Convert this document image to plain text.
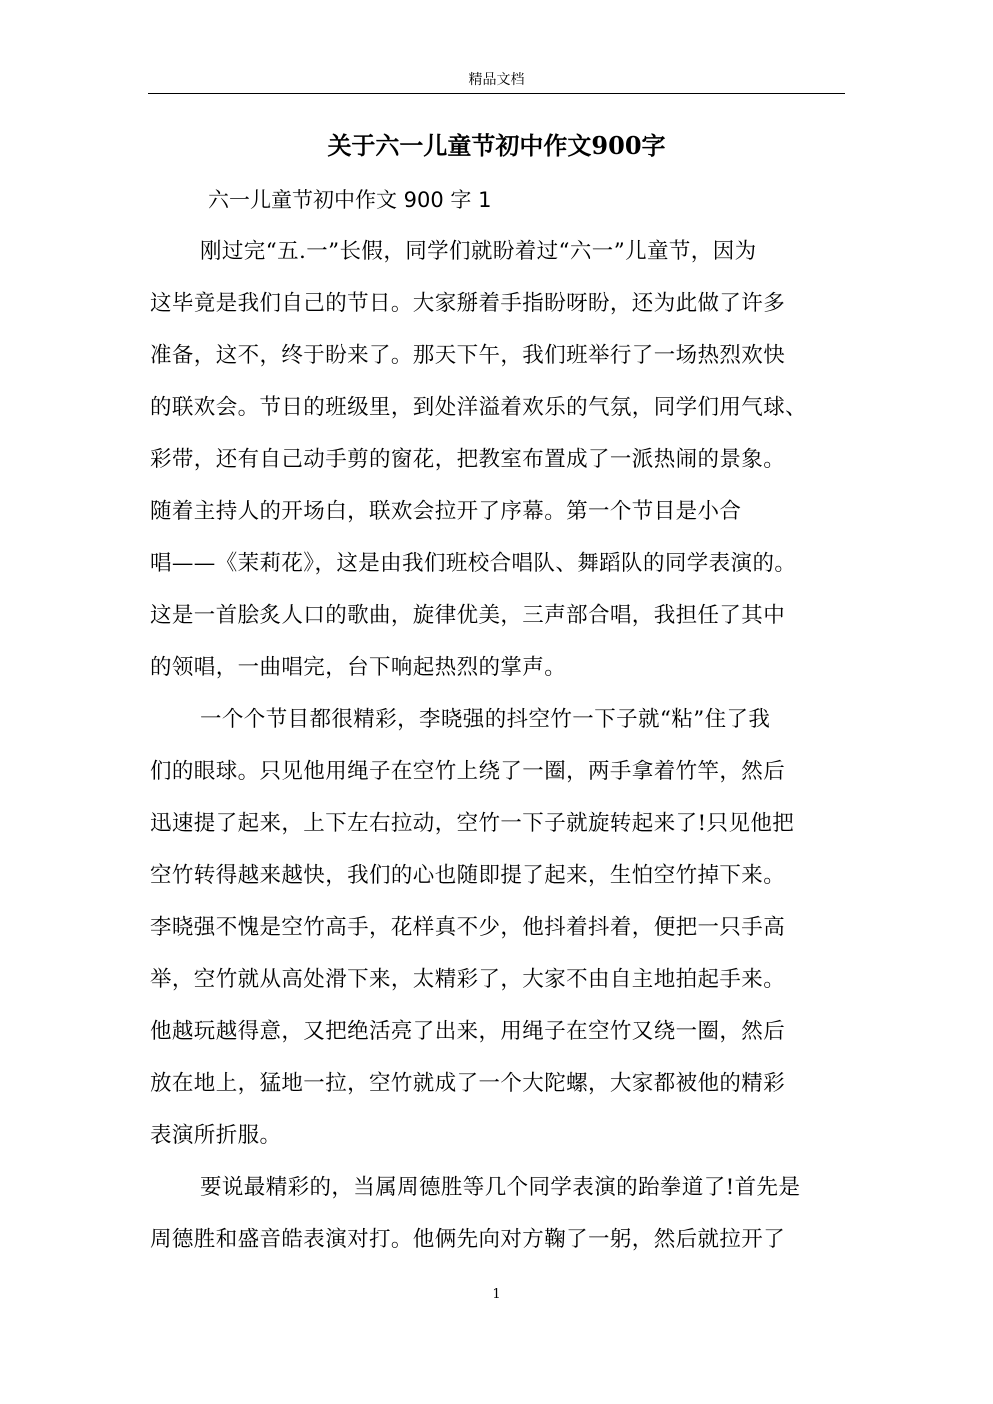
精品文档
关于六一儿童节初中作文900字
六一儿童节初中作文 900 字 1
刚过完“五.一”长假，同学们就盼着过“六一”儿童节，因为
这毕竟是我们自己的节日。大家掰着手指盼呀盼，还为此做了许多
准备，这不，终于盼来了。那天下午，我们班举行了一场热烈欢快
的联欢会。节日的班级里，到处洋溢着欢乐的气氛，同学们用气球、
彩带，还有自己动手剪的窗花，把教室布置成了一派热闹的景象。
随着主持人的开场白，联欢会拉开了序幕。第一个节目是小合
唱——《茉莉花》，这是由我们班校合唱队、舞蹈队的同学表演的。
这是一首脍炙人口的歌曲，旋律优美，三声部合唱，我担任了其中
的领唱，一曲唱完，台下响起热烈的掌声。
一个个节目都很精彩，李晓强的抖空竹一下子就“粘”住了我
们的眼球。只见他用绳子在空竹上绕了一圈，两手拿着竹竿，然后
迅速提了起来，上下左右拉动，空竹一下子就旋转起来了!只见他把
空竹转得越来越快，我们的心也随即提了起来，生怕空竹掉下来。
李晓强不愧是空竹高手，花样真不少，他抖着抖着，便把一只手高
举，空竹就从高处滑下来，太精彩了，大家不由自主地拍起手来。
他越玩越得意，又把绝活亮了出来，用绳子在空竹又绕一圈，然后
放在地上，猛地一拉，空竹就成了一个大陀螺，大家都被他的精彩
表演所折服。
要说最精彩的，当属周德胜等几个同学表演的跆拳道了!首先是
周德胜和盛音皓表演对打。他俩先向对方鞠了一躬，然后就拉开了
1
